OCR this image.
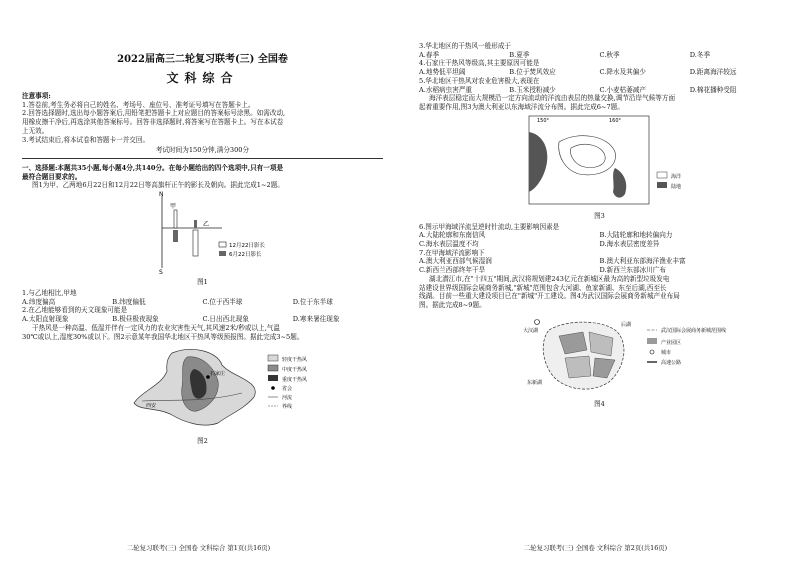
2022届高三二轮复习联考(三) 全国卷
文科综合
注意事项:
1.答卷前,考生务必将自己的姓名、考场号、座位号、准考证号填写在答题卡上。
2.回答选择题时,选出每小题答案后,用铅笔把答题卡上对应题目的答案标号涂黑。如需改动,
用橡皮擦干净后,再选涂其他答案标号。回答非选择题时,将答案写在答题卡上。写在本试卷
上无效。
3.考试结束后,将本试卷和答题卡一并交回。
考试时间为150分钟,满分300分
一、选择题:本题共35小题,每小题4分,共140分。在每小题给出的四个选项中,只有一项是
最符合题目要求的。
图1为甲、乙两地6月22日和12月22日等高旗杆正午的影长及朝向。据此完成1~2题。
N
S
甲
乙
12月22日影长
6月22日影长
图1
1.与乙地相比,甲地
A.纬度偏高	B.纬度偏低	C.位于西半球	D.位于东半球
2.在乙地能够看到的天文现象可能是
A.太阳直射现象	B.极昼极夜现象	C.日出西北现象	D.寒来暑往现象
干热风是一种高温、低湿并伴有一定风力的农业灾害性天气,其风速2米/秒或以上,气温
30℃或以上,湿度30%或以下。图2示意某年我国华北地区干热风等级预报图。据此完成3~5题。
石家庄
西安
轻度干热风
中度干热风
重度干热风
省会
河流
界线
图2
二轮复习联考(三) 全国卷 文科综合 第1页(共16页)
3.华北地区的干热风一般形成于
A.春季	B.夏季	C.秋季	D.冬季
4.石家庄干热风等级高,其主要原因可能是
A.地势低平坦阔	B.位于焚风效应	C.降水及其偏少	D.距离海洋较远
5.华北地区干热风对农业危害极大,表现在
A.水稻病虫害严重	B.玉米授粉减少	C.小麦枯萎减产	D.棉花播种受阻
海洋表层稳定而大规模沿一定方向流动的洋流由表层的热量交换,调节沿岸气候等方面
起着重要作用,图3为澳大利亚以东海域洋流分布图。据此完成6~7题。
150°	160°
海洋
陆地
图3
6.图示甲海域洋流呈逆时针流动,主要影响因素是
A.大陆轮廓和东南信风	B.大陆轮廓和地转偏向力
C.海水表层温度不均	D.海水表层密度差异
7.在甲海域洋流影响下
A.澳大利亚西部气候湿润	B.澳大利亚东部海洋渔业丰富
C.新西兰西部终年干旱	D.新西兰东部冰川广布
湖北潜江市,在"十四五"期间,武汉将规划建243亿元在新城区最为高的新型垃圾发电
站建设世界级国际会展商务新城,"新城"范围包含大河湖、鱼家新湖、东至后湖,西至长
线湖。目前一些重大建设项目已在"新城"开工建设。图4为武汉国际会展商务新城产业布局
图。据此完成8~9题。
大汉湖
后湖
东新湖
武汉国际会展商务新城范围线
产业园区
城市
高速公路
图4
二轮复习联考(三) 全国卷 文科综合 第2页(共16页)
